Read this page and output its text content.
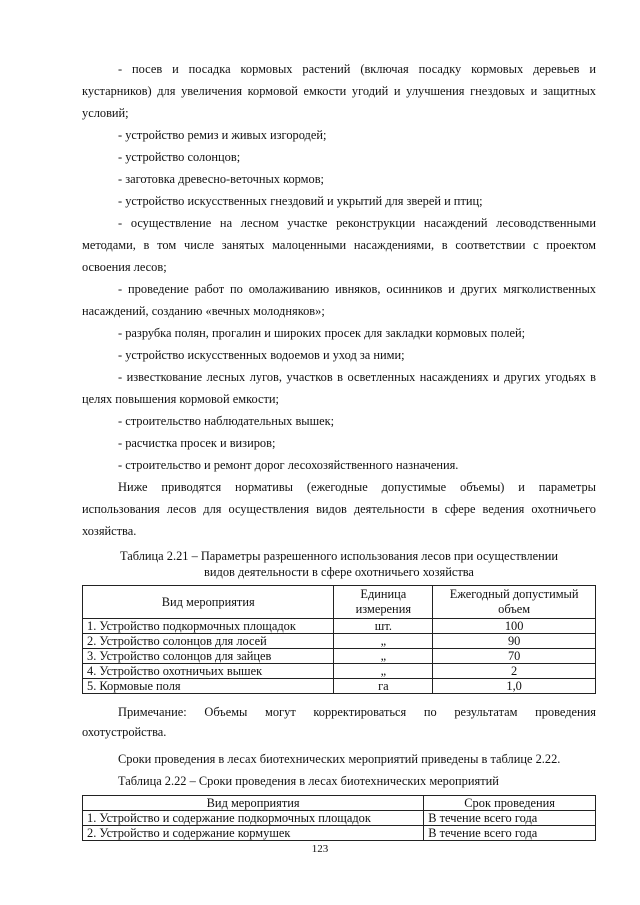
- посев и посадка кормовых растений (включая посадку кормовых деревьев и кустарников) для увеличения кормовой емкости угодий и улучшения гнездовых и защитных условий;

- устройство ремиз и живых изгородей;

- устройство солонцов;

- заготовка древесно-веточных кормов;

- устройство искусственных гнездовий и укрытий для зверей и птиц;

- осуществление на лесном участке реконструкции насаждений лесоводственными методами, в том числе занятых малоценными насаждениями, в соответствии с проектом освоения лесов;

- проведение работ по омолаживанию ивняков, осинников и других мягколиственных насаждений, созданию «вечных молодняков»;

- разрубка полян, прогалин и широких просек для закладки кормовых полей;

- устройство искусственных водоемов и уход за ними;

- известкование лесных лугов, участков в осветленных насаждениях и других угодьях в целях повышения кормовой емкости;

- строительство наблюдательных вышек;

- расчистка просек и визиров;

- строительство и ремонт дорог лесохозяйственного назначения.

Ниже приводятся нормативы (ежегодные допустимые объемы) и параметры использования лесов для осуществления видов деятельности в сфере ведения охотничьего хозяйства.

Таблица 2.21 – Параметры разрешенного использования лесов при осуществлении

видов деятельности в сфере охотничьего хозяйства

Вид мероприятия	Единица измерения	Ежегодный допустимый объем
1. Устройство подкормочных площадок	шт.	100
2. Устройство солонцов для лосей	„	90
3. Устройство солонцов для зайцев	„	70
4. Устройство охотничьих вышек	„	2
5. Кормовые поля	га	1,0

Примечание: Объемы могут корректироваться по результатам проведения охотустройства.

Сроки проведения в лесах биотехнических мероприятий приведены в таблице 2.22.

Таблица 2.22 – Сроки проведения в лесах биотехнических мероприятий

Вид мероприятия	Срок проведения
1. Устройство и содержание подкормочных площадок	В течение всего года
2. Устройство и содержание кормушек	В течение всего года
123
